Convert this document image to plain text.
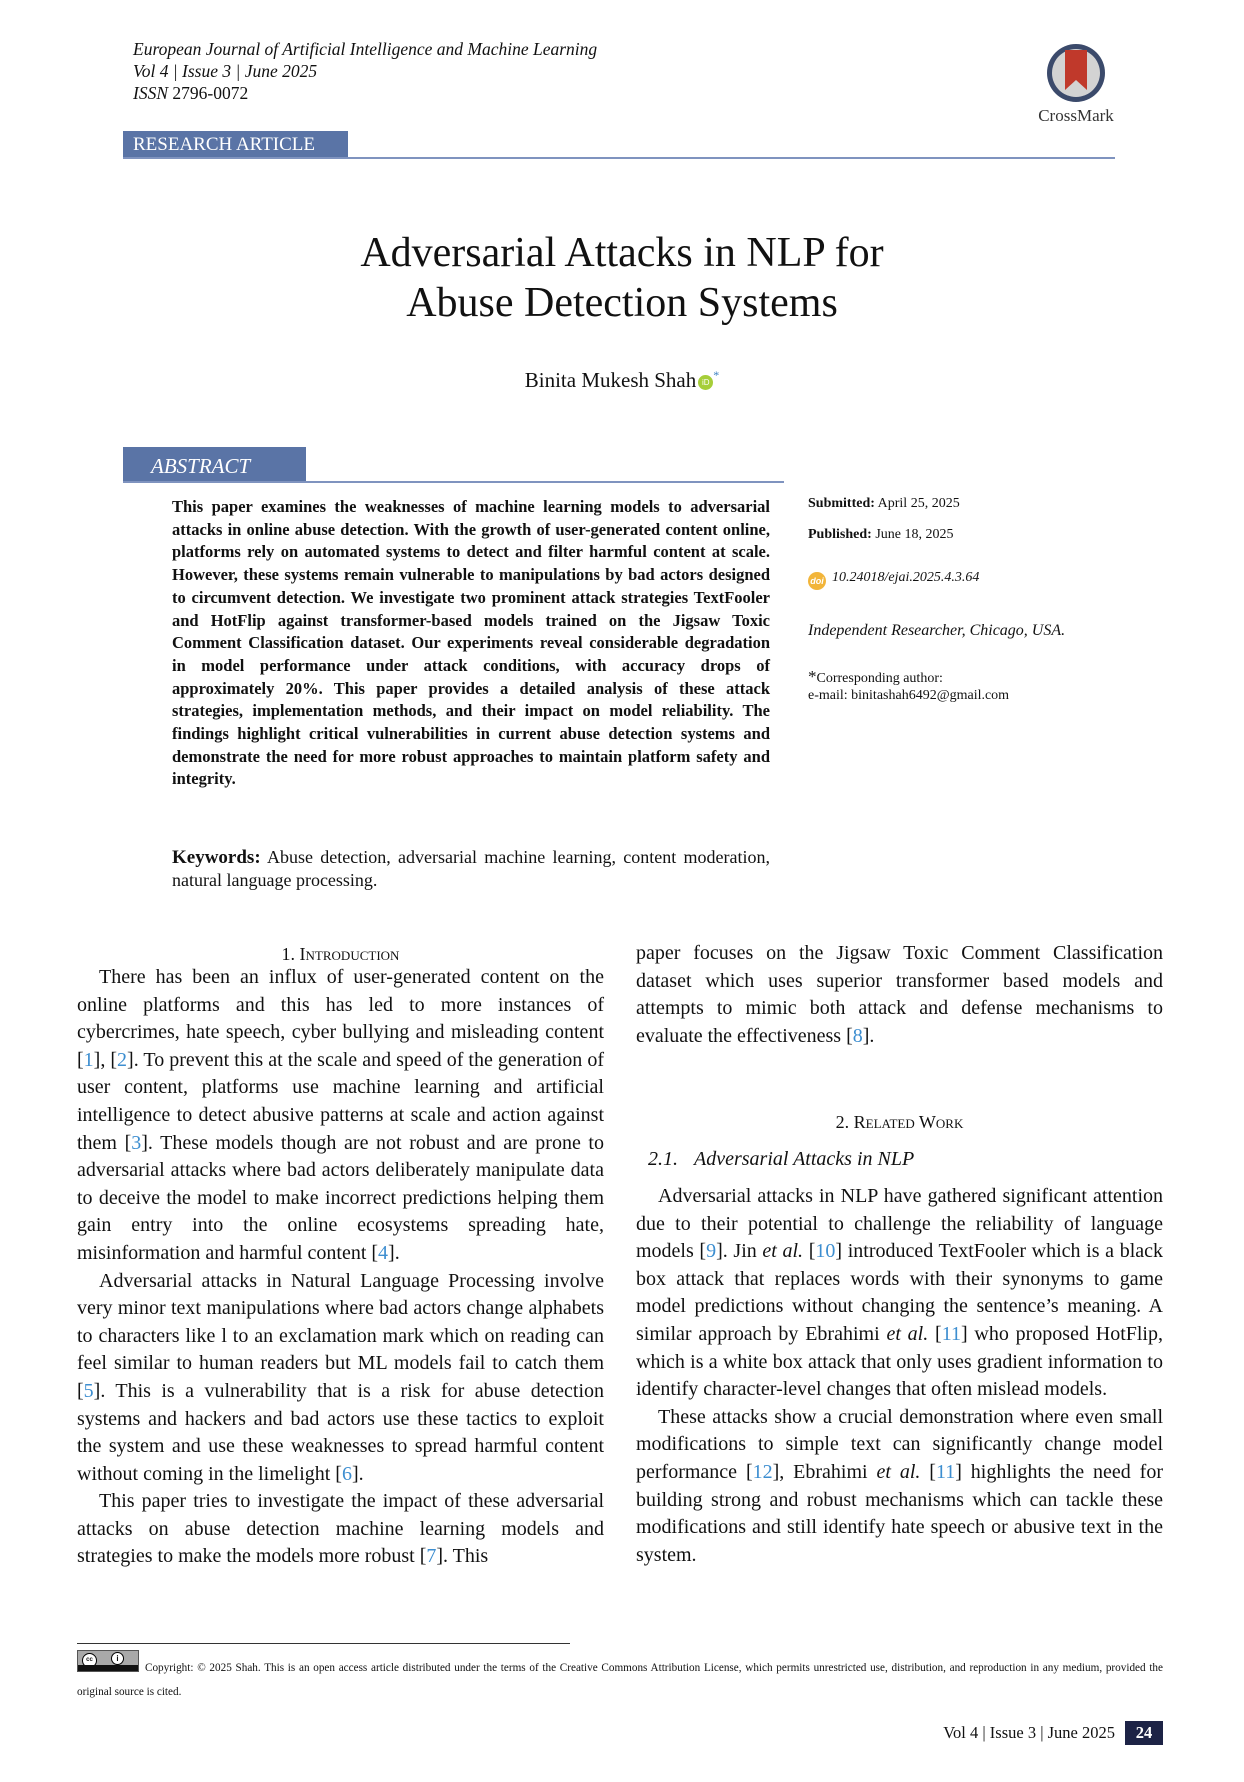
European Journal of Artificial Intelligence and Machine Learning
Vol 4 | Issue 3 | June 2025
ISSN 2796-0072
CrossMark
RESEARCH ARTICLE
Adversarial Attacks in NLP for
Abuse Detection Systems
Binita Mukesh Shah iD*
ABSTRACT
This paper examines the weaknesses of machine learning models to adversarial attacks in online abuse detection. With the growth of user-generated content online, platforms rely on automated systems to detect and filter harmful content at scale. However, these systems remain vulnerable to manipulations by bad actors designed to circumvent detection. We investigate two prominent attack strategies TextFooler and HotFlip against transformer-based models trained on the Jigsaw Toxic Comment Classification dataset. Our experiments reveal considerable degradation in model performance under attack conditions, with accuracy drops of approximately 20%. This paper provides a detailed analysis of these attack strategies, implementation methods, and their impact on model reliability. The findings highlight critical vulnerabilities in current abuse detection systems and demonstrate the need for more robust approaches to maintain platform safety and integrity.
Keywords: Abuse detection, adversarial machine learning, content moderation, natural language processing.
Submitted: April 25, 2025
Published: June 18, 2025
doi 10.24018/ejai.2025.4.3.64
Independent Researcher, Chicago, USA.
*Corresponding author:
e-mail: binitashah6492@gmail.com
1. Introduction
2. Related Work

There has been an influx of user-generated content on the online platforms and this has led to more instances of cybercrimes, hate speech, cyber bullying and misleading content [1], [2]. To prevent this at the scale and speed of the generation of user content, platforms use machine learning and artificial intelligence to detect abusive patterns at scale and action against them [3]. These models though are not robust and are prone to adversarial attacks where bad actors deliberately manipulate data to deceive the model to make incorrect predictions helping them gain entry into the online ecosystems spreading hate, misinformation and harmful content [4].

Adversarial attacks in Natural Language Processing involve very minor text manipulations where bad actors change alphabets to characters like l to an exclamation mark which on reading can feel similar to human readers but ML models fail to catch them [5]. This is a vulnerability that is a risk for abuse detection systems and hackers and bad actors use these tactics to exploit the system and use these weaknesses to spread harmful content without coming in the limelight [6].

This paper tries to investigate the impact of these adversarial attacks on abuse detection machine learning models and strategies to make the models more robust [7]. This

paper focuses on the Jigsaw Toxic Comment Classification dataset which uses superior transformer based models and attempts to mimic both attack and defense mechanisms to evaluate the effectiveness [8].

2.1. Adversarial Attacks in NLP

Adversarial attacks in NLP have gathered significant attention due to their potential to challenge the reliability of language models [9]. Jin et al. [10] introduced TextFooler which is a black box attack that replaces words with their synonyms to game model predictions without changing the sentence’s meaning. A similar approach by Ebrahimi et al. [11] who proposed HotFlip, which is a white box attack that only uses gradient information to identify character-level changes that often mislead models.

These attacks show a crucial demonstration where even small modifications to simple text can significantly change model performance [12], Ebrahimi et al. [11] highlights the need for building strong and robust mechanisms which can tackle these modifications and still identify hate speech or abusive text in the system.

Copyright: © 2025 Shah. This is an open access article distributed under the terms of the Creative Commons Attribution License, which permits unrestricted use, distribution, and reproduction in any medium, provided the original source is cited.
cc	i
Vol 4 | Issue 3 | June 2025 24
